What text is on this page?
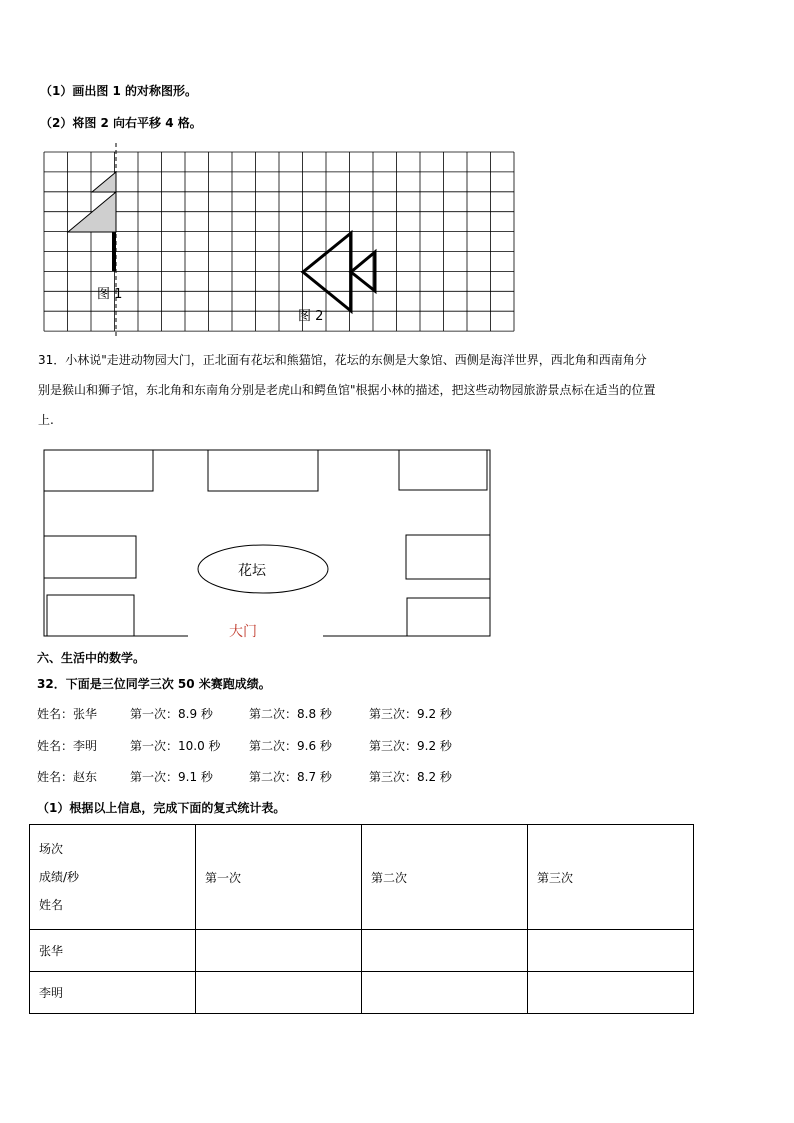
（1）画出图 1 的对称图形。
（2）将图 2 向右平移 4 格。
图 1
图 2
31．小林说"走进动物园大门，正北面有花坛和熊猫馆，花坛的东侧是大象馆、西侧是海洋世界，西北角和西南角分
别是猴山和狮子馆，东北角和东南角分别是老虎山和鳄鱼馆"根据小林的描述，把这些动物园旅游景点标在适当的位置
上.
花坛
大门
六、生活中的数学。
32．下面是三位同学三次 50 米赛跑成绩。
姓名：张华	第一次：8.9 秒	第二次：8.8 秒	第三次：9.2 秒
姓名：李明	第一次：10.0 秒 第二次：9.6 秒	第三次：9.2 秒
姓名：赵东	第一次：9.1 秒	第二次：8.7 秒	第三次：8.2 秒
（1）根据以上信息，完成下面的复式统计表。
场次
成绩/秒
姓名	第一次	第二次	第三次
张华			
李明			
